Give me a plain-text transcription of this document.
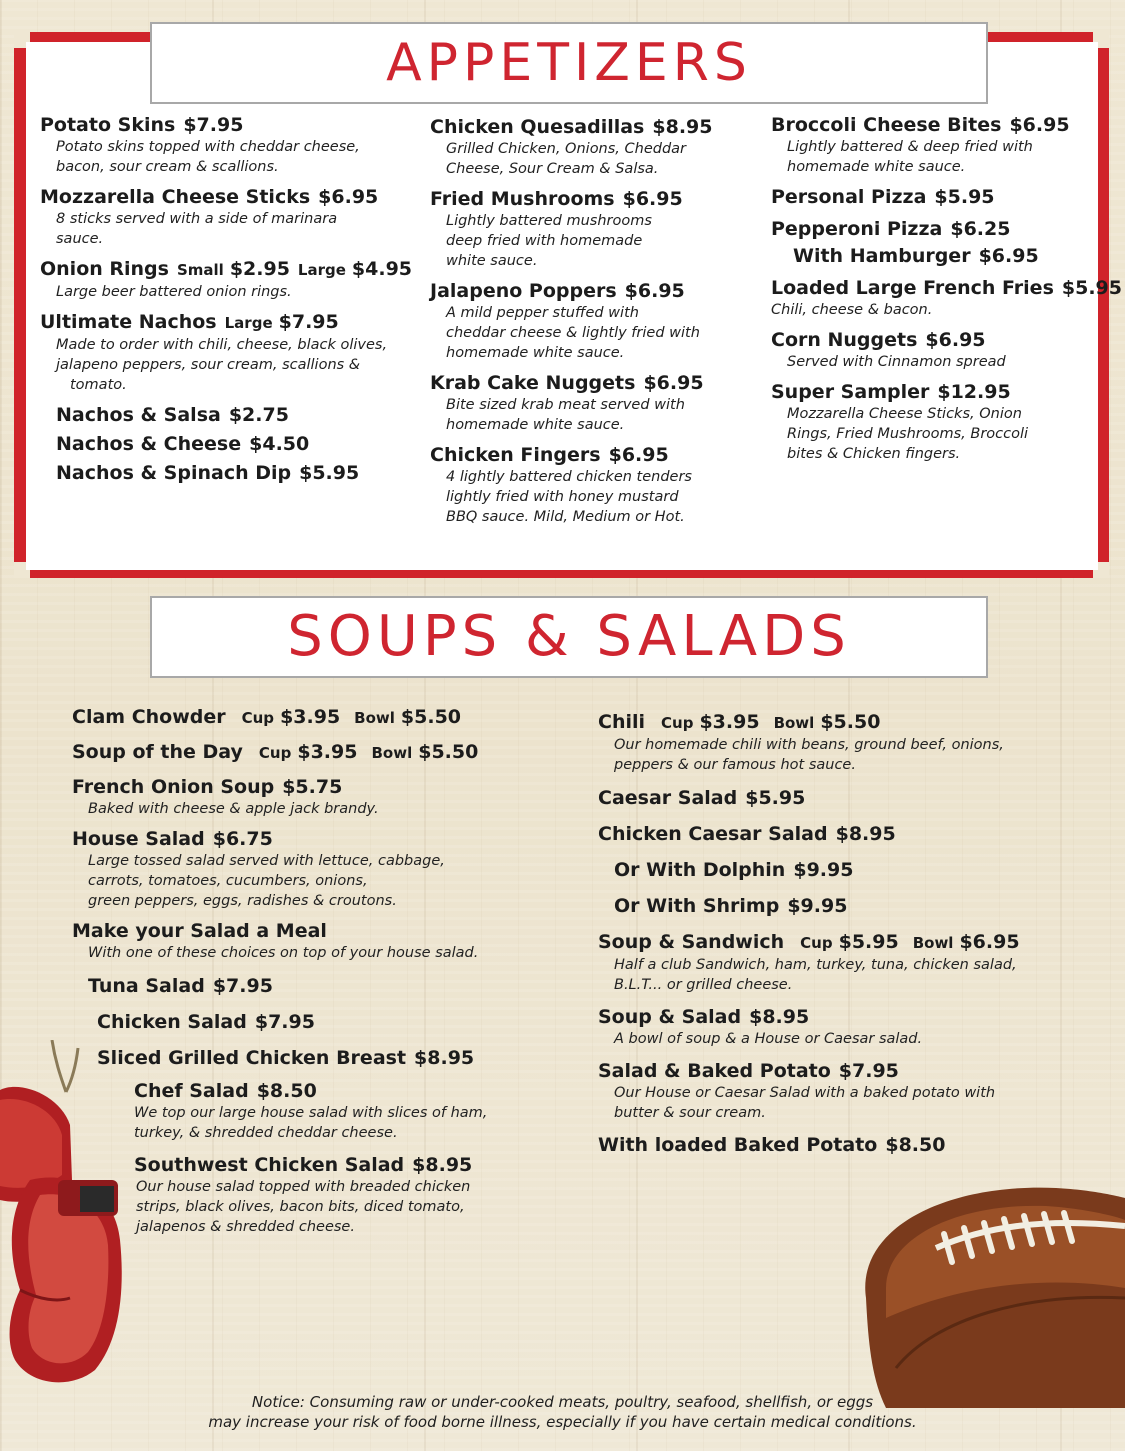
APPETIZERS
Potato Skins $7.95
Potato skins topped with cheddar cheese,
bacon, sour cream & scallions.
Mozzarella Cheese Sticks $6.95
8 sticks served with a side of marinara
sauce.
Onion Rings Small $2.95 Large $4.95
Large beer battered onion rings.
Ultimate Nachos Large $7.95
Made to order with chili, cheese, black olives,
jalapeno peppers, sour cream, scallions &
tomato.
Nachos & Salsa $2.75
Nachos & Cheese $4.50
Nachos & Spinach Dip $5.95
Chicken Quesadillas $8.95
Grilled Chicken, Onions, Cheddar
Cheese, Sour Cream & Salsa.
Fried Mushrooms $6.95
Lightly battered mushrooms
deep fried with homemade
white sauce.
Jalapeno Poppers $6.95
A mild pepper stuffed with
cheddar cheese & lightly fried with
homemade white sauce.
Krab Cake Nuggets $6.95
Bite sized krab meat served with
homemade white sauce.
Chicken Fingers $6.95
4 lightly battered chicken tenders
lightly fried with honey mustard
BBQ sauce. Mild, Medium or Hot.
Broccoli Cheese Bites $6.95
Lightly battered & deep fried with
homemade white sauce.
Personal Pizza $5.95
Pepperoni Pizza $6.25
With Hamburger $6.95
Loaded Large French Fries $5.95
Chili, cheese & bacon.
Corn Nuggets $6.95
Served with Cinnamon spread
Super Sampler $12.95
Mozzarella Cheese Sticks, Onion
Rings, Fried Mushrooms, Broccoli
bites & Chicken fingers.
SOUPS & SALADS
Clam Chowder Cup $3.95 Bowl $5.50
Soup of the Day Cup $3.95 Bowl $5.50
French Onion Soup $5.75
Baked with cheese & apple jack brandy.
House Salad $6.75
Large tossed salad served with lettuce, cabbage,
carrots, tomatoes, cucumbers, onions,
green peppers, eggs, radishes & croutons.
Make your Salad a Meal
With one of these choices on top of your house salad.
Tuna Salad $7.95
Chicken Salad $7.95
Sliced Grilled Chicken Breast $8.95
Chef Salad $8.50
We top our large house salad with slices of ham,
turkey, & shredded cheddar cheese.
Southwest Chicken Salad $8.95
Our house salad topped with breaded chicken
strips, black olives, bacon bits, diced tomato,
jalapenos & shredded cheese.
Chili Cup $3.95 Bowl $5.50
Our homemade chili with beans, ground beef, onions,
peppers & our famous hot sauce.
Caesar Salad $5.95
Chicken Caesar Salad $8.95
Or With Dolphin $9.95
Or With Shrimp $9.95
Soup & Sandwich Cup $5.95 Bowl $6.95
Half a club Sandwich, ham, turkey, tuna, chicken salad,
B.L.T... or grilled cheese.
Soup & Salad $8.95
A bowl of soup & a House or Caesar salad.
Salad & Baked Potato $7.95
Our House or Caesar Salad with a baked potato with
butter & sour cream.
With loaded Baked Potato $8.50
Notice: Consuming raw or under-cooked meats, poultry, seafood, shellfish, or eggs
may increase your risk of food borne illness, especially if you have certain medical conditions.
